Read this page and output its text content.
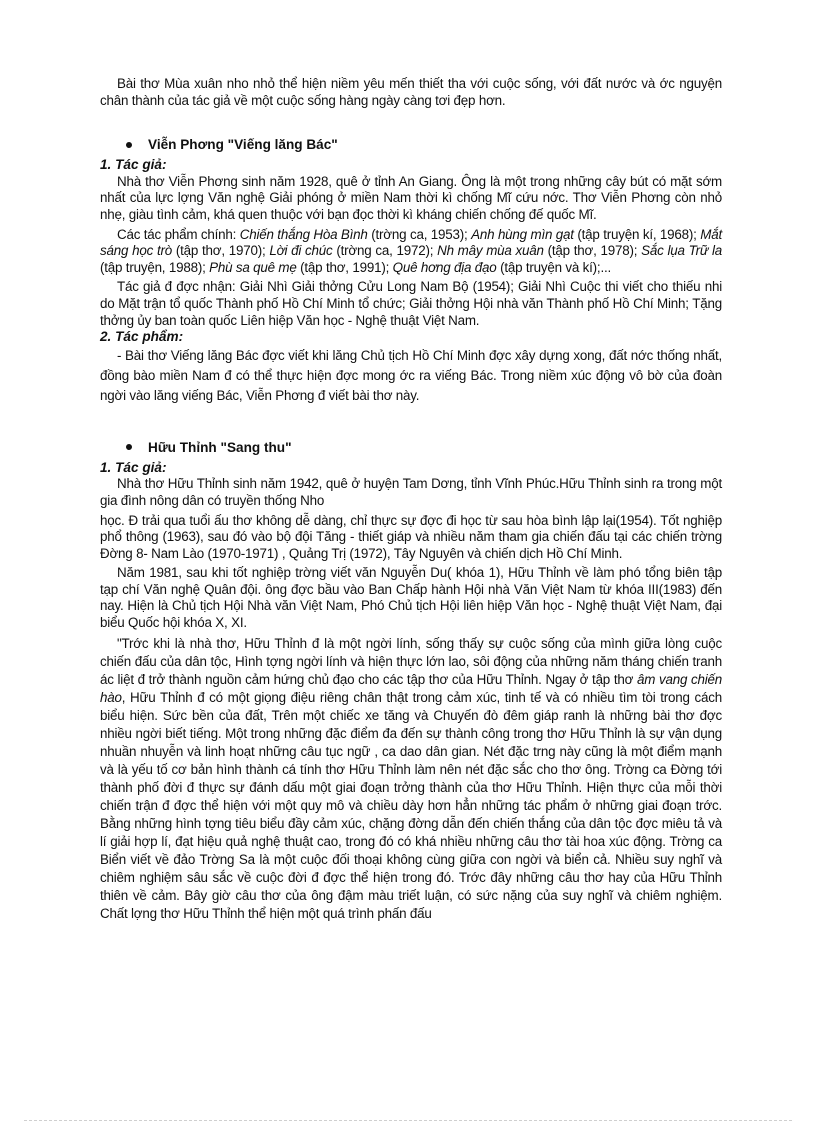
Bài thơ Mùa xuân nho nhỏ thể hiện niềm yêu mến thiết tha với cuộc sống, với đất nước và ớc nguyện chân thành của tác giả về một cuộc sống hàng ngày càng tơi đẹp hơn.

Viễn Phơng "Viếng lăng Bác"
1. Tác giả:

Nhà thơ Viễn Phơng sinh năm 1928, quê ở tỉnh An Giang. Ông là một trong những cây bút có mặt sớm nhất của lực lợng Văn nghệ Giải phóng ở miền Nam thời kì chống Mĩ cứu nớc. Thơ Viễn Phơng còn nhỏ nhẹ, giàu tình cảm, khá quen thuộc với bạn đọc thời kì kháng chiến chống đế quốc Mĩ.

Các tác phẩm chính: Chiến thắng Hòa Bình (trờng ca, 1953); Anh hùng mìn gạt (tập truyện kí, 1968); Mắt sáng học trò (tập thơ, 1970); Lời đi chúc (trờng ca, 1972); Nh mây mùa xuân (tập thơ, 1978); Sắc lụa Trữ la (tập truyện, 1988); Phù sa quê mẹ (tập thơ, 1991); Quê hơng địa đạo (tập truyện và kí);...

Tác giả đ đợc nhận: Giải Nhì Giải thởng Cửu Long Nam Bộ (1954); Giải Nhì Cuộc thi viết cho thiếu nhi do Mặt trận tổ quốc Thành phố Hồ Chí Minh tổ chức; Giải thởng Hội nhà văn Thành phố Hồ Chí Minh; Tặng thởng ủy ban toàn quốc Liên hiệp Văn học - Nghệ thuật Việt Nam.

2. Tác phẩm:

- Bài thơ Viếng lăng Bác đợc viết khi lăng Chủ tịch Hồ Chí Minh đợc xây dựng xong, đất nớc thống nhất, đồng bào miền Nam đ có thể thực hiện đợc mong ớc ra viếng Bác. Trong niềm xúc động vô bờ của đoàn ngời vào lăng viếng Bác, Viễn Phơng đ viết bài thơ này.

Hữu Thỉnh "Sang thu"
1. Tác giả:

Nhà thơ Hữu Thỉnh sinh năm 1942, quê ở huyện Tam Dơng, tỉnh Vĩnh Phúc.Hữu Thỉnh sinh ra trong một gia đình nông dân có truyền thống Nho

học. Đ trải qua tuổi ấu thơ không dễ dàng, chỉ thực sự đợc đi học từ sau hòa bình lập lại(1954). Tốt nghiệp phổ thông (1963), sau đó vào bộ đội Tăng - thiết giáp và nhiều năm tham gia chiến đấu tại các chiến trờng Đờng 8- Nam Lào (1970-1971) , Quảng Trị (1972), Tây Nguyên và chiến dịch Hồ Chí Minh.

Năm 1981, sau khi tốt nghiệp trờng viết văn Nguyễn Du( khóa 1), Hữu Thỉnh về làm phó tổng biên tập tạp chí Văn nghệ Quân đội. ông đợc bầu vào Ban Chấp hành Hội nhà Văn Việt Nam từ khóa III(1983) đến nay. Hiện là Chủ tịch Hội Nhà văn Việt Nam, Phó Chủ tịch Hội liên hiệp Văn học - Nghệ thuật Việt Nam, đại biểu Quốc hội khóa X, XI.

"Trớc khi là nhà thơ, Hữu Thỉnh đ là một ngời lính, sống thấy sự cuộc sống của mình giữa lòng cuộc chiến đấu của dân tộc, Hình tợng ngời lính và hiện thực lớn lao, sôi động của những năm tháng chiến tranh ác liệt đ trở thành nguồn cảm hứng chủ đạo cho các tập thơ của Hữu Thỉnh. Ngay ở tập thơ âm vang chiến hào, Hữu Thỉnh đ có một giọng điệu riêng chân thật trong cảm xúc, tinh tế và có nhiều tìm tòi trong cách biểu hiện. Sức bền của đất, Trên một chiếc xe tăng và Chuyến đò đêm giáp ranh là những bài thơ đợc nhiều ngời biết tiếng. Một trong những đặc điểm đa đến sự thành công trong thơ Hữu Thỉnh là sự vận dụng nhuần nhuyễn và linh hoạt những câu tục ngữ , ca dao dân gian. Nét đặc trng này cũng là một điểm mạnh và là yếu tố cơ bản hình thành cá tính thơ Hữu Thỉnh làm nên nét đặc sắc cho thơ ông. Trờng ca Đờng tới thành phố đời đ thực sự đánh dấu một giai đoạn trởng thành của thơ Hữu Thỉnh. Hiện thực của mỗi thời chiến trận đ đợc thể hiện với một quy mô và chiều dày hơn hẳn những tác phẩm ở những giai đoạn trớc. Bằng những hình tợng tiêu biểu đầy cảm xúc, chặng đờng dẫn đến chiến thắng của dân tộc đợc miêu tả và lí giải hợp lí, đạt hiệu quả nghệ thuật cao, trong đó có khá nhiều những câu thơ tài hoa xúc động. Trờng ca Biển viết về đảo Trờng Sa là một cuộc đối thoại không cùng giữa con ngời và biển cả. Nhiều suy nghĩ và chiêm nghiệm sâu sắc về cuộc đời đ đợc thể hiện trong đó. Trớc đây những câu thơ hay của Hữu Thỉnh thiên về cảm. Bây giờ câu thơ của ông đậm màu triết luận, có sức nặng của suy nghĩ và chiêm nghiệm. Chất lợng thơ Hữu Thỉnh thể hiện một quá trình phấn đấu
